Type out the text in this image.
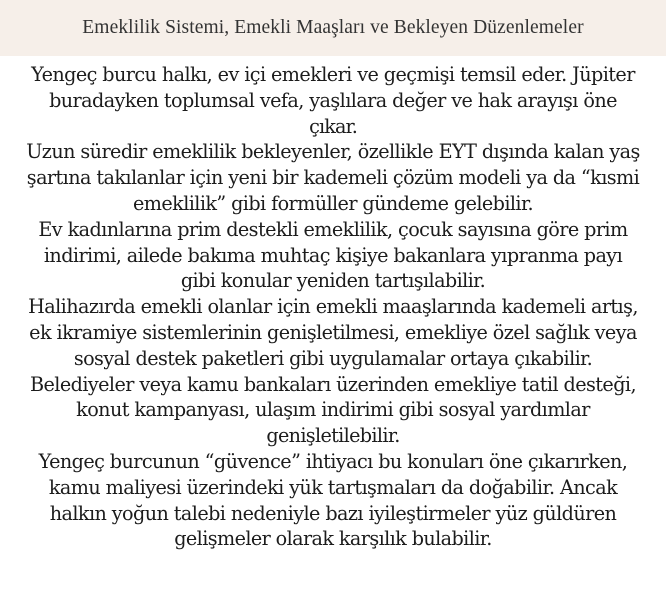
Emeklilik Sistemi, Emekli Maaşları ve Bekleyen Düzenlemeler

Yengeç burcu halkı, ev içi emekleri ve geçmişi temsil eder. Jüpiter
buradayken toplumsal vefa, yaşlılara değer ve hak arayışı öne
çıkar.

Uzun süredir emeklilik bekleyenler, özellikle EYT dışında kalan yaş
şartına takılanlar için yeni bir kademeli çözüm modeli ya da “kısmi
emeklilik” gibi formüller gündeme gelebilir.

Ev kadınlarına prim destekli emeklilik, çocuk sayısına göre prim
indirimi, ailede bakıma muhtaç kişiye bakanlara yıpranma payı
gibi konular yeniden tartışılabilir.

Halihazırda emekli olanlar için emekli maaşlarında kademeli artış,
ek ikramiye sistemlerinin genişletilmesi, emekliye özel sağlık veya
sosyal destek paketleri gibi uygulamalar ortaya çıkabilir.

Belediyeler veya kamu bankaları üzerinden emekliye tatil desteği,
konut kampanyası, ulaşım indirimi gibi sosyal yardımlar
genişletilebilir.

Yengeç burcunun “güvence” ihtiyacı bu konuları öne çıkarırken,
kamu maliyesi üzerindeki yük tartışmaları da doğabilir. Ancak
halkın yoğun talebi nedeniyle bazı iyileştirmeler yüz güldüren
gelişmeler olarak karşılık bulabilir.
